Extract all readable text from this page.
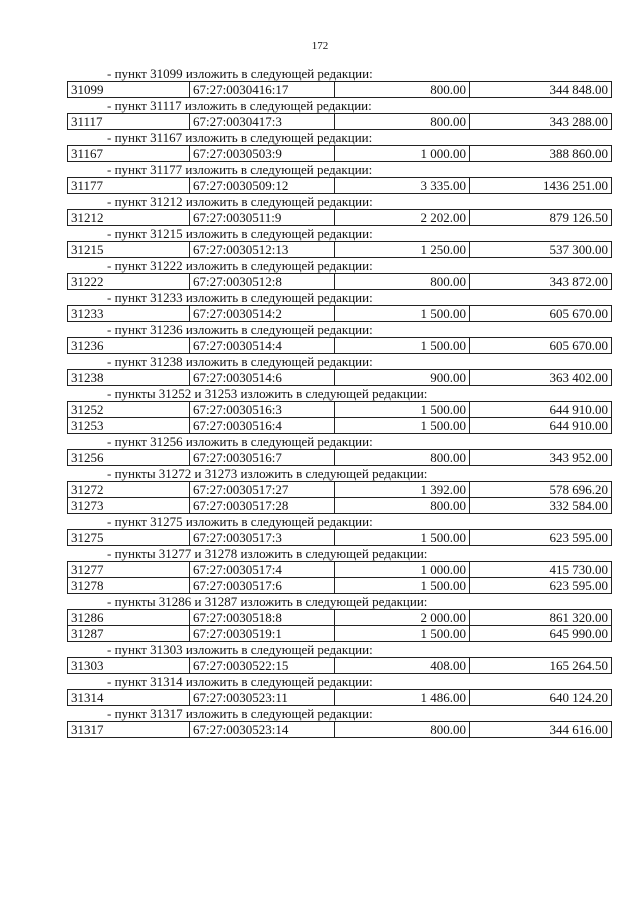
172
- пункт 31099 изложить в следующей редакции:
31099	67:27:0030416:17	800.00	344 848.00
- пункт 31117 изложить в следующей редакции:
31117	67:27:0030417:3	800.00	343 288.00
- пункт 31167 изложить в следующей редакции:
31167	67:27:0030503:9	1 000.00	388 860.00
- пункт 31177 изложить в следующей редакции:
31177	67:27:0030509:12	3 335.00	1436 251.00
- пункт 31212 изложить в следующей редакции:
31212	67:27:0030511:9	2 202.00	879 126.50
- пункт 31215 изложить в следующей редакции:
31215	67:27:0030512:13	1 250.00	537 300.00
- пункт 31222 изложить в следующей редакции:
31222	67:27:0030512:8	800.00	343 872.00
- пункт 31233 изложить в следующей редакции:
31233	67:27:0030514:2	1 500.00	605 670.00
- пункт 31236 изложить в следующей редакции:
31236	67:27:0030514:4	1 500.00	605 670.00
- пункт 31238 изложить в следующей редакции:
31238	67:27:0030514:6	900.00	363 402.00
- пункты 31252 и 31253 изложить в следующей редакции:
31252	67:27:0030516:3	1 500.00	644 910.00
31253	67:27:0030516:4	1 500.00	644 910.00
- пункт 31256 изложить в следующей редакции:
31256	67:27:0030516:7	800.00	343 952.00
- пункты 31272 и 31273 изложить в следующей редакции:
31272	67:27:0030517:27	1 392.00	578 696.20
31273	67:27:0030517:28	800.00	332 584.00
- пункт 31275 изложить в следующей редакции:
31275	67:27:0030517:3	1 500.00	623 595.00
- пункты 31277 и 31278 изложить в следующей редакции:
31277	67:27:0030517:4	1 000.00	415 730.00
31278	67:27:0030517:6	1 500.00	623 595.00
- пункты 31286 и 31287 изложить в следующей редакции:
31286	67:27:0030518:8	2 000.00	861 320.00
31287	67:27:0030519:1	1 500.00	645 990.00
- пункт 31303 изложить в следующей редакции:
31303	67:27:0030522:15	408.00	165 264.50
- пункт 31314 изложить в следующей редакции:
31314	67:27:0030523:11	1 486.00	640 124.20
- пункт 31317 изложить в следующей редакции:
31317	67:27:0030523:14	800.00	344 616.00
